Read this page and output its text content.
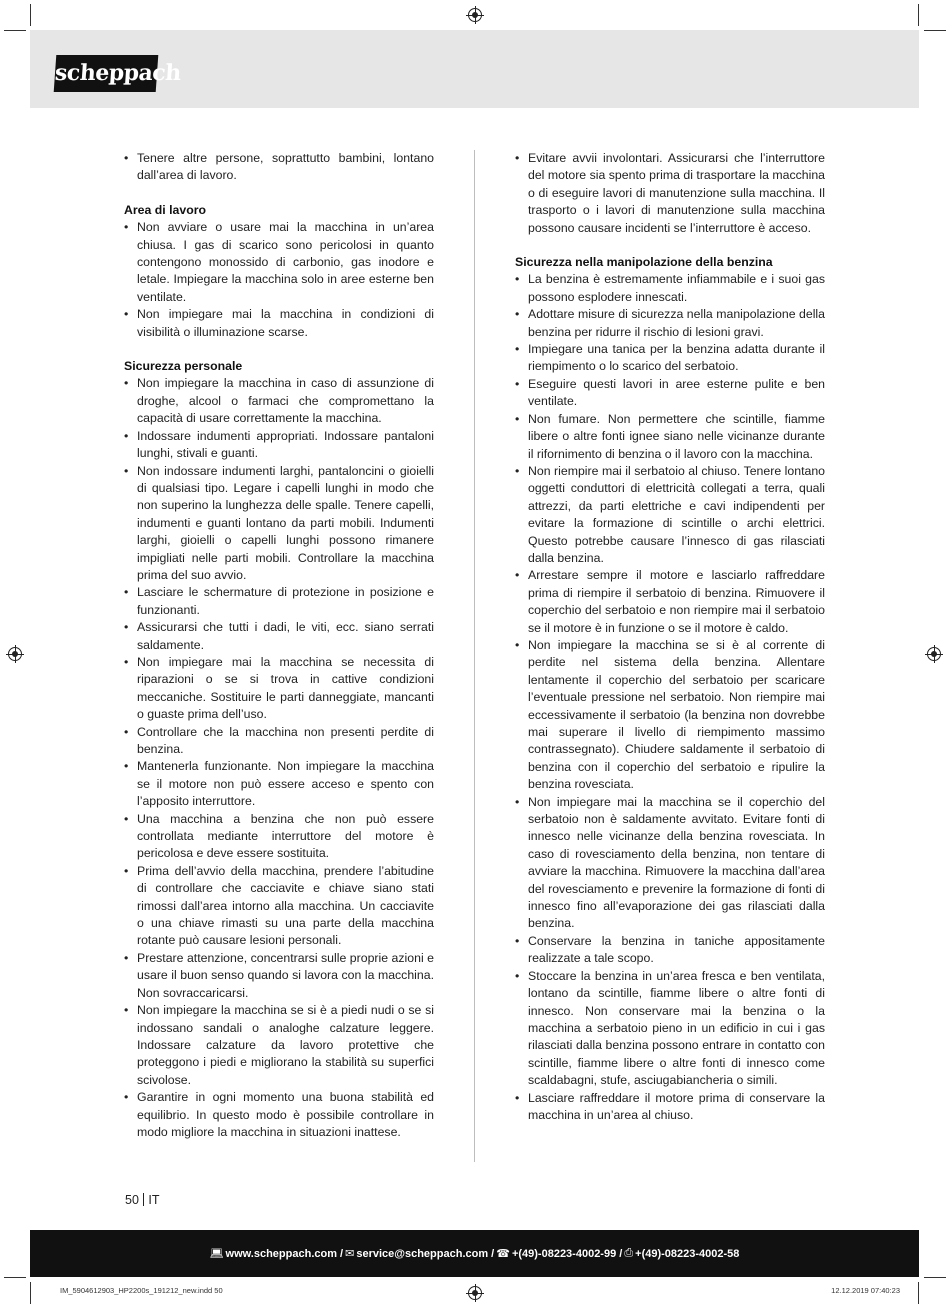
scheppach
• Tenere altre persone, soprattutto bambini, lontano dall’area di lavoro.
Area di lavoro
• Non avviare o usare mai la macchina in un’area chiusa. I gas di scarico sono pericolosi in quanto contengono monossido di carbonio, gas inodore e letale. Impiegare la macchina solo in aree esterne ben ventilate.
• Non impiegare mai la macchina in condizioni di visibilità o illuminazione scarse.
Sicurezza personale
• Non impiegare la macchina in caso di assunzione di droghe, alcool o farmaci che compromettano la capacità di usare correttamente la macchina.
• Indossare indumenti appropriati. Indossare pantaloni lunghi, stivali e guanti.
• Non indossare indumenti larghi, pantaloncini o gioielli di qualsiasi tipo. Legare i capelli lunghi in modo che non superino la lunghezza delle spalle. Tenere capelli, indumenti e guanti lontano da parti mobili. Indumenti larghi, gioielli o capelli lunghi possono rimanere impigliati nelle parti mobili. Controllare la macchina prima del suo avvio.
• Lasciare le schermature di protezione in posizione e funzionanti.
• Assicurarsi che tutti i dadi, le viti, ecc. siano serrati saldamente.
• Non impiegare mai la macchina se necessita di riparazioni o se si trova in cattive condizioni meccaniche. Sostituire le parti danneggiate, mancanti o guaste prima dell’uso.
• Controllare che la macchina non presenti perdite di benzina.
• Mantenerla funzionante. Non impiegare la macchina se il motore non può essere acceso e spento con l’apposito interruttore.
• Una macchina a benzina che non può essere controllata mediante interruttore del motore è pericolosa e deve essere sostituita.
• Prima dell’avvio della macchina, prendere l’abitudine di controllare che cacciavite e chiave siano stati rimossi dall’area intorno alla macchina. Un cacciavite o una chiave rimasti su una parte della macchina rotante può causare lesioni personali.
• Prestare attenzione, concentrarsi sulle proprie azioni e usare il buon senso quando si lavora con la macchina. Non sovraccaricarsi.
• Non impiegare la macchina se si è a piedi nudi o se si indossano sandali o analoghe calzature leggere. Indossare calzature da lavoro protettive che proteggono i piedi e migliorano la stabilità su superfici scivolose.
• Garantire in ogni momento una buona stabilità ed equilibrio. In questo modo è possibile controllare in modo migliore la macchina in situazioni inattese.
• Evitare avvii involontari. Assicurarsi che l’interruttore del motore sia spento prima di trasportare la macchina o di eseguire lavori di manutenzione sulla macchina. Il trasporto o i lavori di manutenzione sulla macchina possono causare incidenti se l’interruttore è acceso.
Sicurezza nella manipolazione della benzina
• La benzina è estremamente infiammabile e i suoi gas possono esplodere innescati.
• Adottare misure di sicurezza nella manipolazione della benzina per ridurre il rischio di lesioni gravi.
• Impiegare una tanica per la benzina adatta durante il riempimento o lo scarico del serbatoio.
• Eseguire questi lavori in aree esterne pulite e ben ventilate.
• Non fumare. Non permettere che scintille, fiamme libere o altre fonti ignee siano nelle vicinanze durante il rifornimento di benzina o il lavoro con la macchina.
• Non riempire mai il serbatoio al chiuso. Tenere lontano oggetti conduttori di elettricità collegati a terra, quali attrezzi, da parti elettriche e cavi indipendenti per evitare la formazione di scintille o archi elettrici. Questo potrebbe causare l’innesco di gas rilasciati dalla benzina.
• Arrestare sempre il motore e lasciarlo raffreddare prima di riempire il serbatoio di benzina. Rimuovere il coperchio del serbatoio e non riempire mai il serbatoio se il motore è in funzione o se il motore è caldo.
• Non impiegare la macchina se si è al corrente di perdite nel sistema della benzina. Allentare lentamente il coperchio del serbatoio per scaricare l’eventuale pressione nel serbatoio. Non riempire mai eccessivamente il serbatoio (la benzina non dovrebbe mai superare il livello di riempimento massimo contrassegnato). Chiudere saldamente il serbatoio di benzina con il coperchio del serbatoio e ripulire la benzina rovesciata.
• Non impiegare mai la macchina se il coperchio del serbatoio non è saldamente avvitato. Evitare fonti di innesco nelle vicinanze della benzina rovesciata. In caso di rovesciamento della benzina, non tentare di avviare la macchina. Rimuovere la macchina dall’area del rovesciamento e prevenire la formazione di fonti di innesco fino all’evaporazione dei gas rilasciati dalla benzina.
• Conservare la benzina in taniche appositamente realizzate a tale scopo.
• Stoccare la benzina in un’area fresca e ben ventilata, lontano da scintille, fiamme libere o altre fonti di innesco. Non conservare mai la benzina o la macchina a serbatoio pieno in un edificio in cui i gas rilasciati dalla benzina possono entrare in contatto con scintille, fiamme libere o altre fonti di innesco come scaldabagni, stufe, asciugabiancheria o simili.
• Lasciare raffreddare il motore prima di conservare la macchina in un’area al chiuso.
50 IT
💻︎ www.scheppach.com / ✉︎ service@scheppach.com / ☎︎ +(49)-08223-4002-99 / ⎙ +(49)-08223-4002-58
IM_5904612903_HP2200s_191212_new.indd 50	12.12.2019 07:40:23
